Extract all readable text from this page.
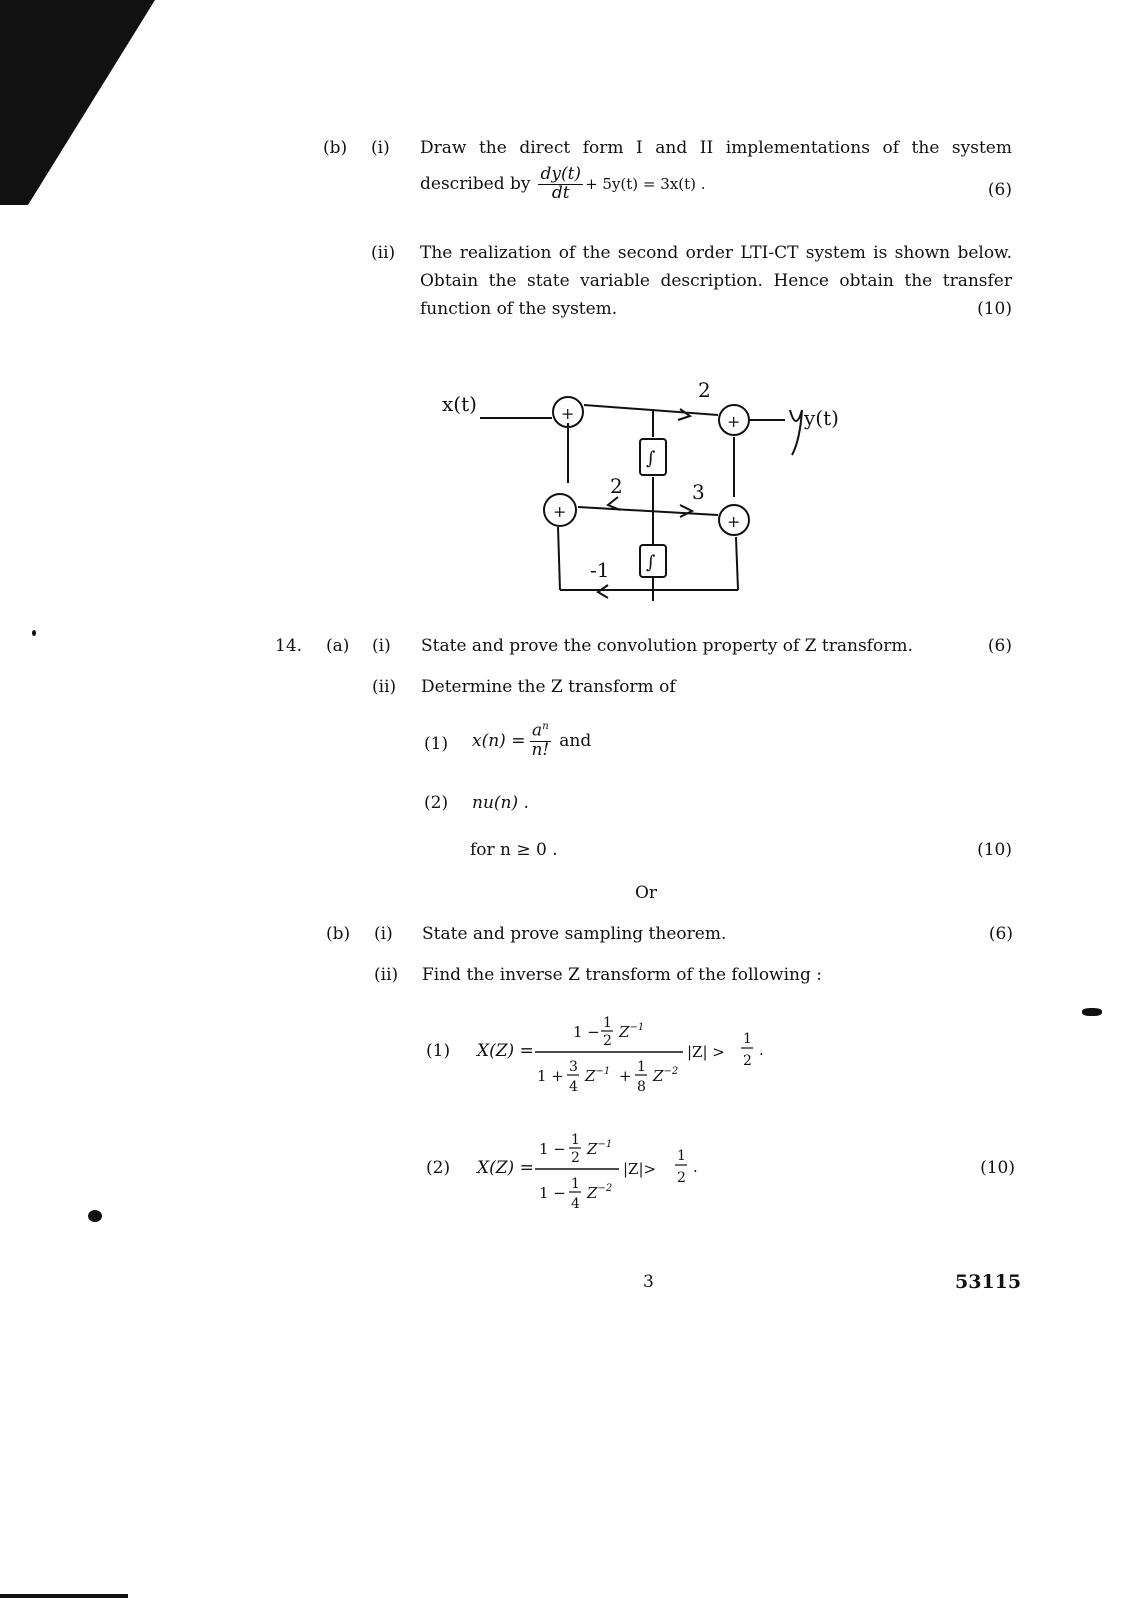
(b) (i) Draw the direct form I and II implementations of the system
described by $\frac{dy(t)}{dt} + 5y(t) = 3x(t)$ .	(6)
(ii) The realization of the second order LTI-CT system is shown below.
Obtain the state variable description. Hence obtain the transfer
function of the system.	(10)
x(t)
y(t)
2
2	3
-1
+	+
+
+
∫
∫
14. (a) (i) State and prove the convolution property of Z transform.	(6)
(ii) Determine the Z transform of
(1) $x(n) = \frac{a^n}{n!}$ and
(2) nu(n) .
for n ≥ 0 .	(10)
Or
(b) (i) State and prove sampling theorem.	(6)
(ii) Find the inverse Z transform of the following :
(1) X(Z) =
1 − 1
2 $Z^{-1}$
1 + 3
4
$Z^{-1} + 1$
8
$Z^{-2}$
|Z| >
1
2
.
(2) X(Z) =
1 − 1
2 $Z^{-1}$
1 − 1
4
$Z^{-2}$
|Z|>
1
2
.	(10)
3	53115
